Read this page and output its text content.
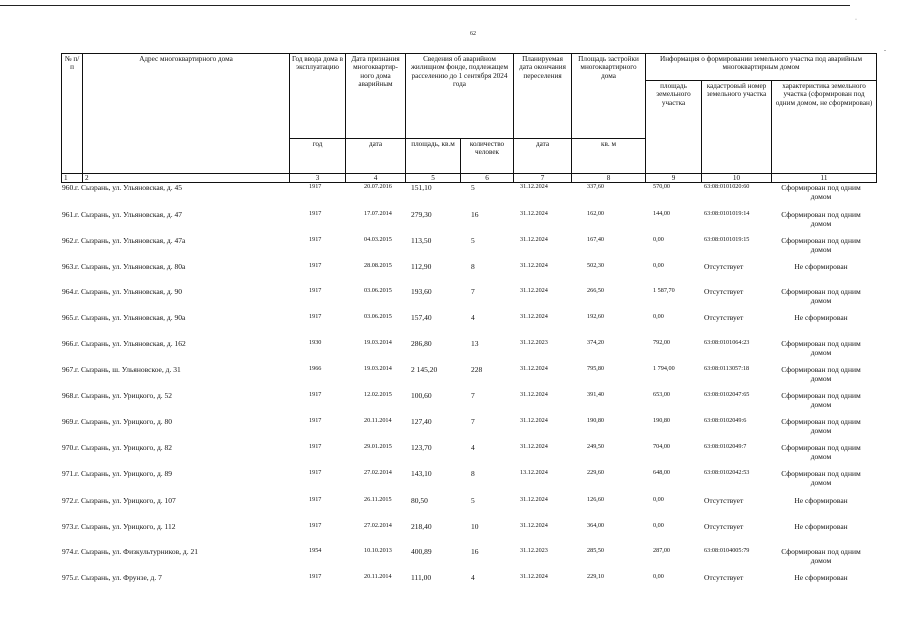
·
-
62
№ п/п	Адрес многоквартирного дома	Год ввода дома в эксплуатацию	Дата признания многоквартир-ного дома аварийным	Сведения об аварийном жилищном фонде, подлежащем расселению до 1 сентября 2024 года		Планируемая дата окончания переселения	Площадь застройки многоквартирного дома	Информация о формировании земельного участка под аварийным многоквартирным домом		
								площадь земельного участка	кадастровый номер земельного участка	характеристика земельного участка (сформирован под одним домом, не сформирован)
		год	дата	площадь, кв.м	количество человек	дата	кв. м			

1	2	3	4	5	6	7	8	9	10	11
960. г. Сызрань, ул. Ульяновская, д. 45	1917	20.07.2016	151,10	5	31.12.2024	337,60	570,00	63:08:0101020:60	Сформирован под одним домом
961. г. Сызрань, ул. Ульяновская, д. 47	1917	17.07.2014	279,30	16	31.12.2024	162,00	144,00	63:08:0101019:14	Сформирован под одним домом
962. г. Сызрань, ул. Ульяновская, д. 47а	1917	04.03.2015	113,50	5	31.12.2024	167,40	0,00	63:08:0101019:15	Сформирован под одним домом
963. г. Сызрань, ул. Ульяновская, д. 80а	1917	28.08.2015	112,90	8	31.12.2024	502,30	0,00	Отсутствует	Не сформирован
964. г. Сызрань, ул. Ульяновская, д. 90	1917	03.06.2015	193,60	7	31.12.2024	266,50	1 587,70	Отсутствует	Сформирован под одним домом
965. г. Сызрань, ул. Ульяновская, д. 90а	1917	03.06.2015	157,40	4	31.12.2024	192,60	0,00	Отсутствует	Не сформирован
966. г. Сызрань, ул. Ульяновская, д. 162	1930	19.03.2014	286,80	13	31.12.2023	374,20	792,00	63:08:0101064:23	Сформирован под одним домом
967. г. Сызрань, ш. Ульяновское, д. 31	1966	19.03.2014	2 145,20	228	31.12.2024	795,80	1 794,00	63:08:0113057:18	Сформирован под одним домом
968. г. Сызрань, ул. Урицкого, д. 52	1917	12.02.2015	100,60	7	31.12.2024	391,40	653,00	63:08:0102047:65	Сформирован под одним домом
969. г. Сызрань, ул. Урицкого, д. 80	1917	20.11.2014	127,40	7	31.12.2024	190,80	190,80	63:08:0102049:6	Сформирован под одним домом
970. г. Сызрань, ул. Урицкого, д. 82	1917	29.01.2015	123,70	4	31.12.2024	249,50	704,00	63:08:0102049:7	Сформирован под одним домом
971. г. Сызрань, ул. Урицкого, д. 89	1917	27.02.2014	143,10	8	13.12.2024	229,60	648,00	63:08:0102042:53	Сформирован под одним домом
972. г. Сызрань, ул. Урицкого, д. 107	1917	26.11.2015	80,50	5	31.12.2024	126,60	0,00	Отсутствует	Не сформирован
973. г. Сызрань, ул. Урицкого, д. 112	1917	27.02.2014	218,40	10	31.12.2024	364,00	0,00	Отсутствует	Не сформирован
974. г. Сызрань, ул. Физкультурников, д. 21	1954	10.10.2013	400,89	16	31.12.2023	285,50	287,00	63:08:0104005:79	Сформирован под одним домом
975. г. Сызрань, ул. Фрунзе, д. 7	1917	20.11.2014	111,00	4	31.12.2024	229,10	0,00	Отсутствует	Не сформирован
